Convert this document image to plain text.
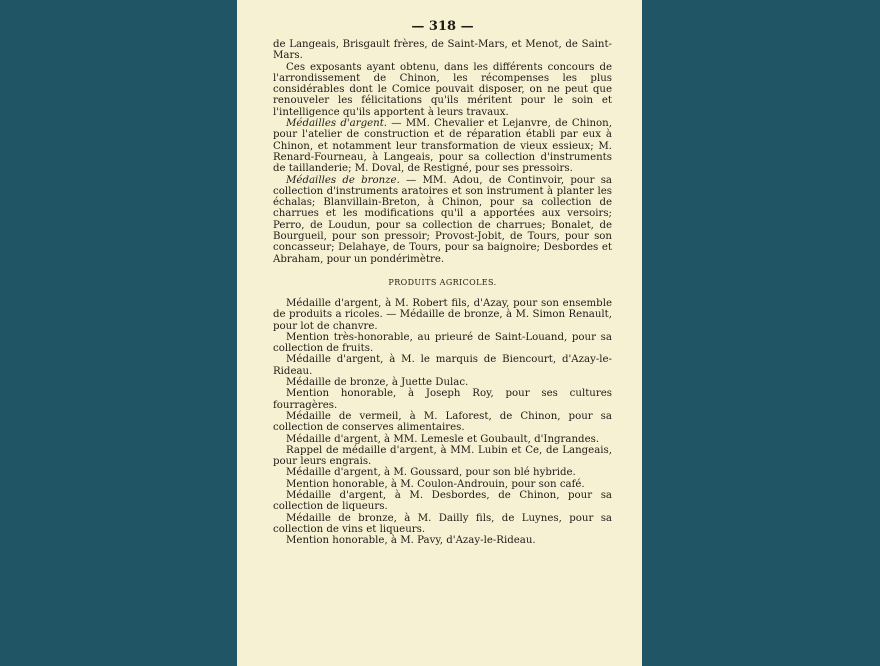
— 318 —

de Langeais, Brisgault frères, de Saint-Mars, et Menot, de Saint-Mars.

Ces exposants ayant obtenu, dans les différents concours de l'arrondissement de Chinon, les récompenses les plus considérables dont le Comice pouvait disposer, on ne peut que renouveler les félicitations qu'ils méritent pour le soin et l'intelligence qu'ils apportent à leurs travaux.

Médailles d'argent. — MM. Chevalier et Lejanvre, de Chinon, pour l'atelier de construction et de réparation établi par eux à Chinon, et notamment leur transformation de vieux essieux; M. Renard-Fourneau, à Langeais, pour sa collection d'instruments de taillanderie; M. Doval, de Restigné, pour ses pressoirs.

Médailles de bronze. — MM. Adou, de Continvoir, pour sa collection d'instruments aratoires et son instrument à planter les échalas; Blanvillain-Breton, à Chinon, pour sa collection de charrues et les modifications qu'il a apportées aux versoirs; Perro, de Loudun, pour sa collection de charrues; Bonalet, de Bourgueil, pour son pressoir; Provost-Jobit, de Tours, pour son concasseur; Delahaye, de Tours, pour sa baignoire; Desbordes et Abraham, pour un pondérimètre.

PRODUITS AGRICOLES.

Médaille d'argent, à M. Robert fils, d'Azay, pour son ensemble de produits a ricoles. — Médaille de bronze, à M. Simon Renault, pour lot de chanvre.

Mention très-honorable, au prieuré de Saint-Louand, pour sa collection de fruits.

Médaille d'argent, à M. le marquis de Biencourt, d'Azay-le-Rideau.

Médaille de bronze, à Juette Dulac.

Mention honorable, à Joseph Roy, pour ses cultures fourragères.

Médaille de vermeil, à M. Laforest, de Chinon, pour sa collection de conserves alimentaires.

Médaille d'argent, à MM. Lemesle et Goubault, d'Ingrandes.

Rappel de médaille d'argent, à MM. Lubin et Ce, de Langeais, pour leurs engrais.

Médaille d'argent, à M. Goussard, pour son blé hybride.

Mention honorable, à M. Coulon-Androuin, pour son café.

Médaille d'argent, à M. Desbordes, de Chinon, pour sa collection de liqueurs.

Médaille de bronze, à M. Dailly fils, de Luynes, pour sa collection de vins et liqueurs.

Mention honorable, à M. Pavy, d'Azay-le-Rideau.
